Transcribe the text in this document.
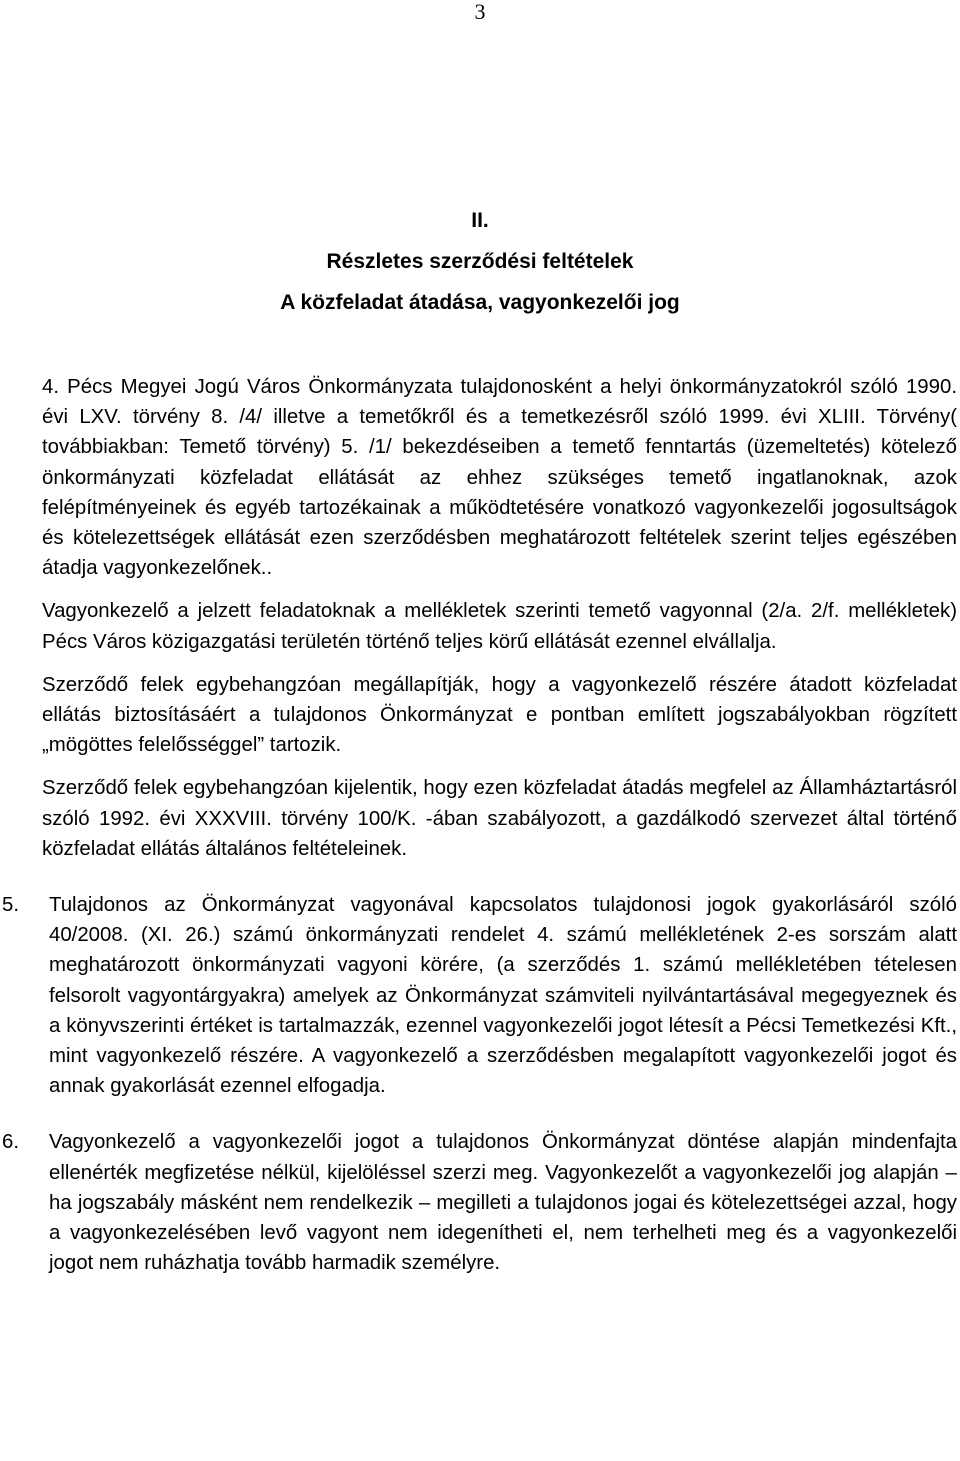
3
II.
Részletes szerződési feltételek
A közfeladat átadása, vagyonkezelői jog

4. Pécs Megyei Jogú Város Önkormányzata tulajdonosként a helyi önkormányzatokról szóló 1990. évi LXV. törvény 8. /4/ illetve a temetőkről és a temetkezésről szóló 1999. évi XLIII. Törvény( továbbiakban: Temető törvény) 5. /1/ bekezdéseiben a temető fenntartás (üzemeltetés) kötelező önkormányzati közfeladat ellátását az ehhez szükséges temető ingatlanoknak, azok felépítményeinek és egyéb tartozékainak a működtetésére vonatkozó vagyonkezelői jogosultságok és kötelezettségek ellátását ezen szerződésben meghatározott feltételek szerint teljes egészében átadja vagyonkezelőnek..

Vagyonkezelő a jelzett feladatoknak a mellékletek szerinti temető vagyonnal (2/a. 2/f. mellékletek) Pécs Város közigazgatási területén történő teljes körű ellátását ezennel elvállalja.

Szerződő felek egybehangzóan megállapítják, hogy a vagyonkezelő részére átadott közfeladat ellátás biztosításáért a tulajdonos Önkormányzat e pontban említett jogszabályokban rögzített „mögöttes felelősséggel” tartozik.

Szerződő felek egybehangzóan kijelentik, hogy ezen közfeladat átadás megfelel az Államháztartásról szóló 1992. évi XXXVIII. törvény 100/K. -ában szabályozott, a gazdálkodó szervezet által történő közfeladat ellátás általános feltételeinek.

5. Tulajdonos az Önkormányzat vagyonával kapcsolatos tulajdonosi jogok gyakorlásáról szóló 40/2008. (XI. 26.) számú önkormányzati rendelet 4. számú mellékletének 2-es sorszám alatt meghatározott önkormányzati vagyoni körére, (a szerződés 1. számú mellékletében tételesen felsorolt vagyontárgyakra) amelyek az Önkormányzat számviteli nyilvántartásával megegyeznek és a könyvszerinti értéket is tartalmazzák, ezennel vagyonkezelői jogot létesít a Pécsi Temetkezési Kft., mint vagyonkezelő részére. A vagyonkezelő a szerződésben megalapított vagyonkezelői jogot és annak gyakorlását ezennel elfogadja.

6. Vagyonkezelő a vagyonkezelői jogot a tulajdonos Önkormányzat döntése alapján mindenfajta ellenérték megfizetése nélkül, kijelöléssel szerzi meg. Vagyonkezelőt a vagyonkezelői jog alapján – ha jogszabály másként nem rendelkezik – megilleti a tulajdonos jogai és kötelezettségei azzal, hogy a vagyonkezelésében levő vagyont nem idegenítheti el, nem terhelheti meg és a vagyonkezelői jogot nem ruházhatja tovább harmadik személyre.
